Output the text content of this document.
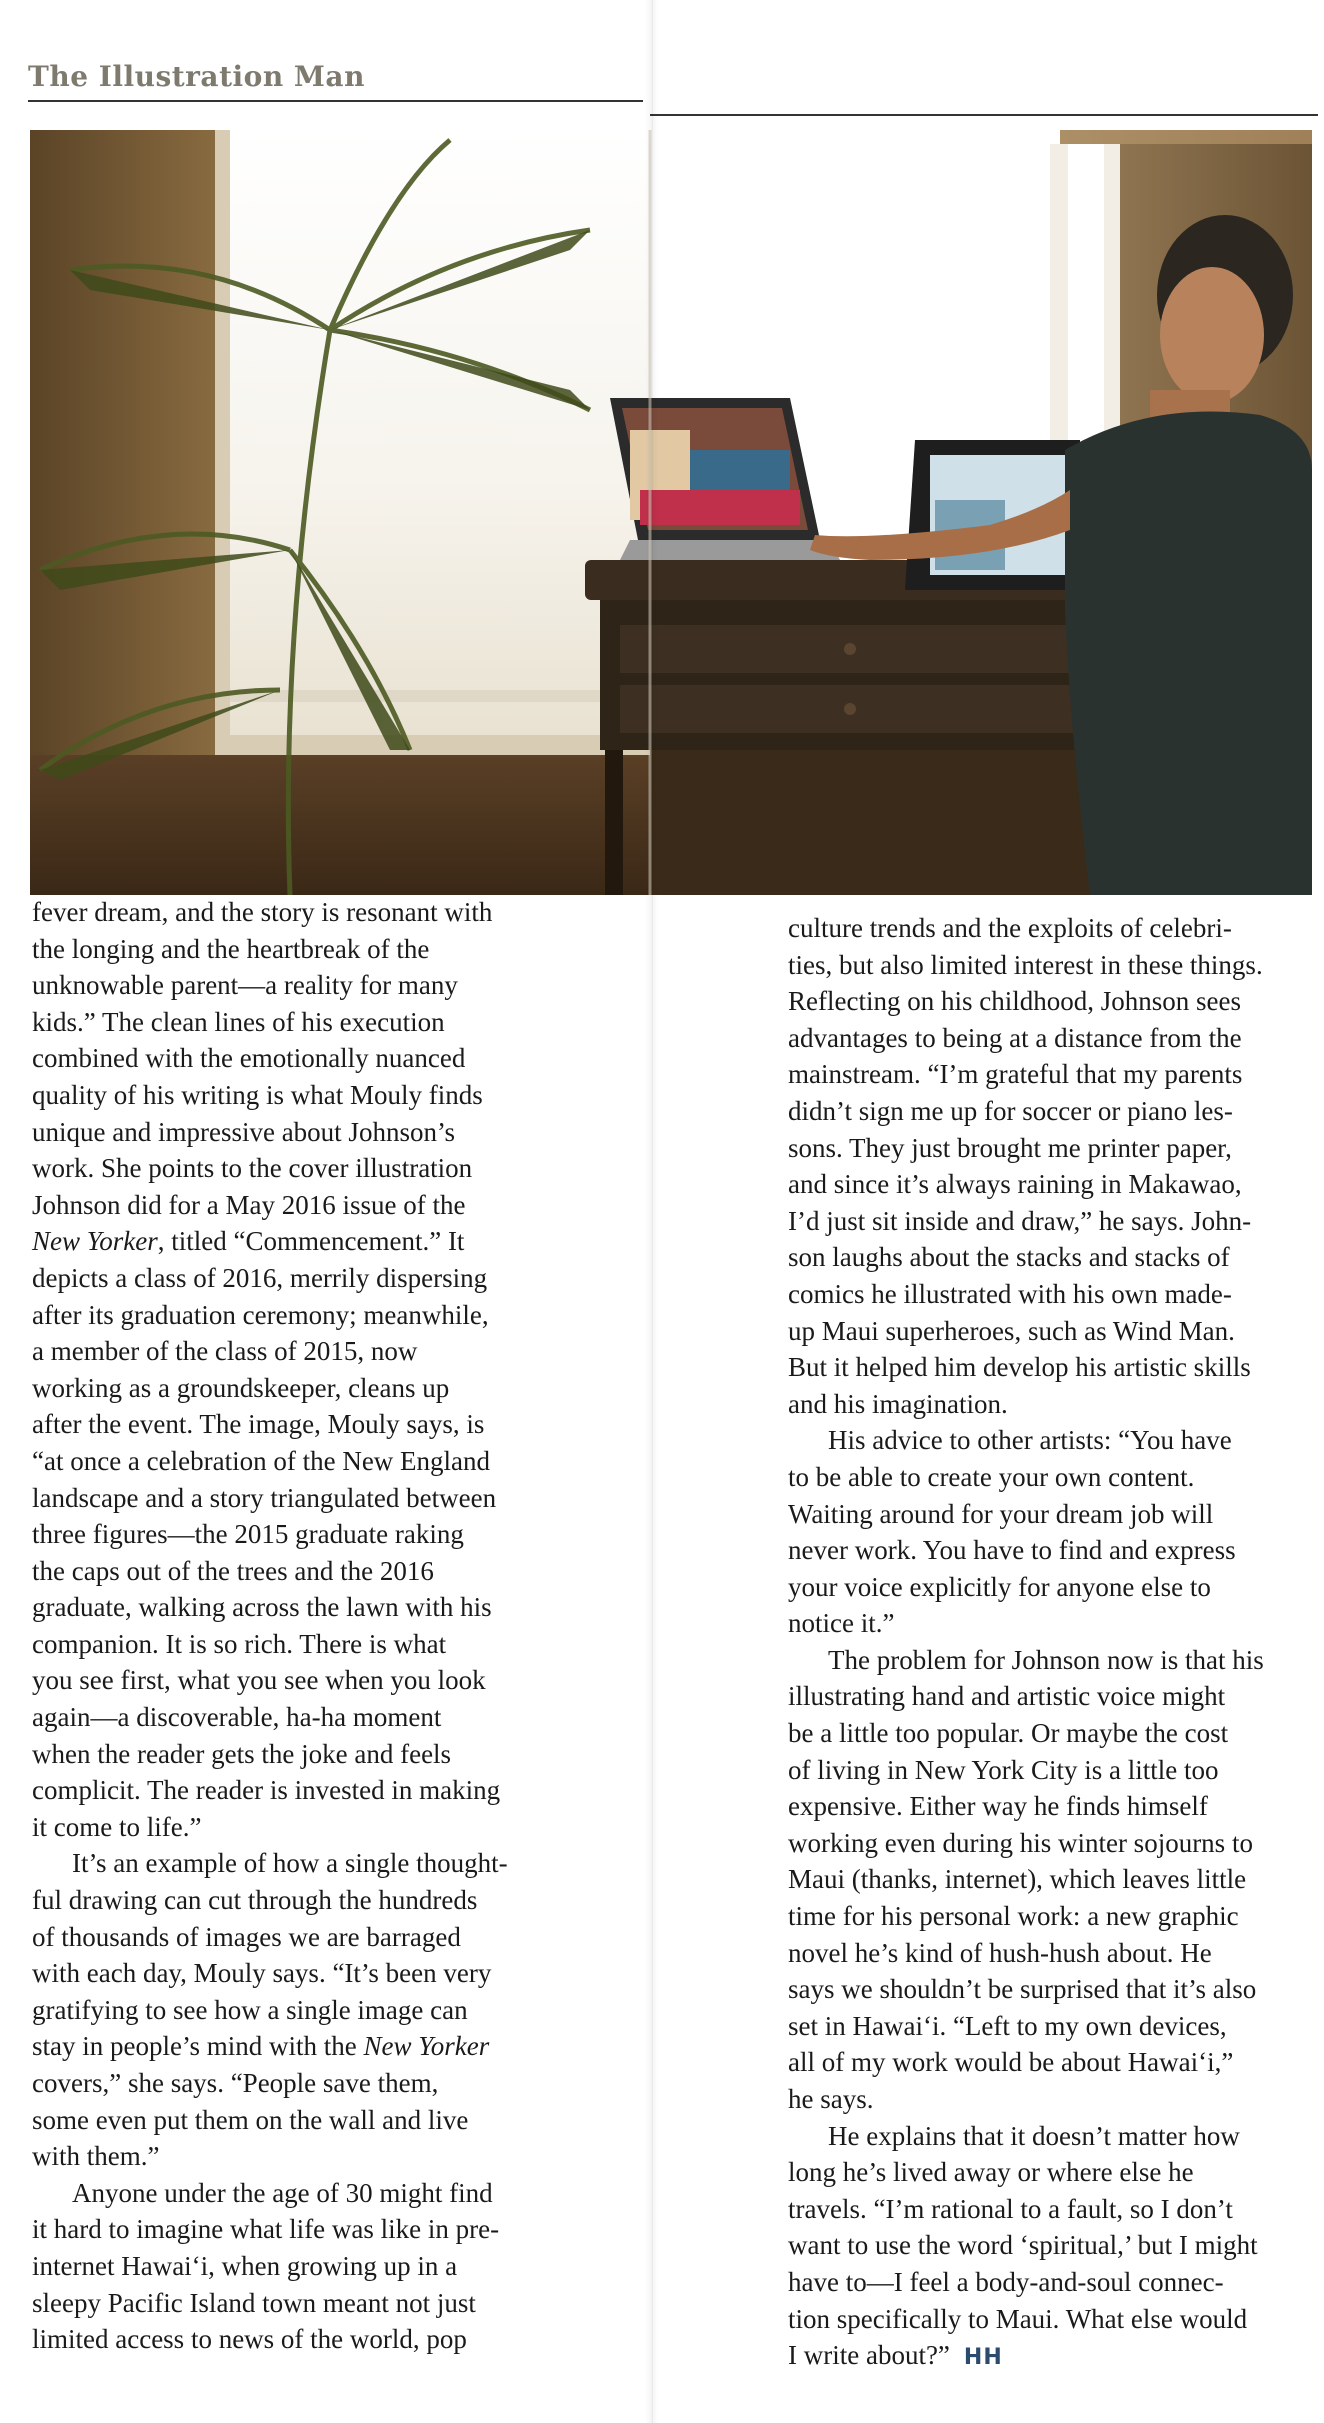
The Illustration Man
fever dream, and the story is resonant with
the longing and the heartbreak of the
unknowable parent—a reality for many
kids.” The clean lines of his execution
combined with the emotionally nuanced
quality of his writing is what Mouly finds
unique and impressive about Johnson’s
work. She points to the cover illustration
Johnson did for a May 2016 issue of the
New Yorker, titled “Commencement.” It
depicts a class of 2016, merrily dispersing
after its graduation ceremony; meanwhile,
a member of the class of 2015, now
working as a groundskeeper, cleans up
after the event. The image, Mouly says, is
“at once a celebration of the New England
landscape and a story triangulated between
three figures—the 2015 graduate raking
the caps out of the trees and the 2016
graduate, walking across the lawn with his
companion. It is so rich. There is what
you see first, what you see when you look
again—a discoverable, ha-ha moment
when the reader gets the joke and feels
complicit. The reader is invested in making
it come to life.”
It’s an example of how a single thought-
ful drawing can cut through the hundreds
of thousands of images we are barraged
with each day, Mouly says. “It’s been very
gratifying to see how a single image can
stay in people’s mind with the New Yorker
covers,” she says. “People save them,
some even put them on the wall and live
with them.”
Anyone under the age of 30 might find
it hard to imagine what life was like in pre-
internet Hawai‘i, when growing up in a
sleepy Pacific Island town meant not just
limited access to news of the world, pop
culture trends and the exploits of celebri-
ties, but also limited interest in these things.
Reflecting on his childhood, Johnson sees
advantages to being at a distance from the
mainstream. “I’m grateful that my parents
didn’t sign me up for soccer or piano les-
sons. They just brought me printer paper,
and since it’s always raining in Makawao,
I’d just sit inside and draw,” he says. John-
son laughs about the stacks and stacks of
comics he illustrated with his own made-
up Maui superheroes, such as Wind Man.
But it helped him develop his artistic skills
and his imagination.
His advice to other artists: “You have
to be able to create your own content.
Waiting around for your dream job will
never work. You have to find and express
your voice explicitly for anyone else to
notice it.”
The problem for Johnson now is that his
illustrating hand and artistic voice might
be a little too popular. Or maybe the cost
of living in New York City is a little too
expensive. Either way he finds himself
working even during his winter sojourns to
Maui (thanks, internet), which leaves little
time for his personal work: a new graphic
novel he’s kind of hush-hush about. He
says we shouldn’t be surprised that it’s also
set in Hawai‘i. “Left to my own devices,
all of my work would be about Hawai‘i,”
he says.
He explains that it doesn’t matter how
long he’s lived away or where else he
travels. “I’m rational to a fault, so I don’t
want to use the word ‘spiritual,’ but I might
have to—I feel a body-and-soul connec-
tion specifically to Maui. What else would
I write about?” HH
